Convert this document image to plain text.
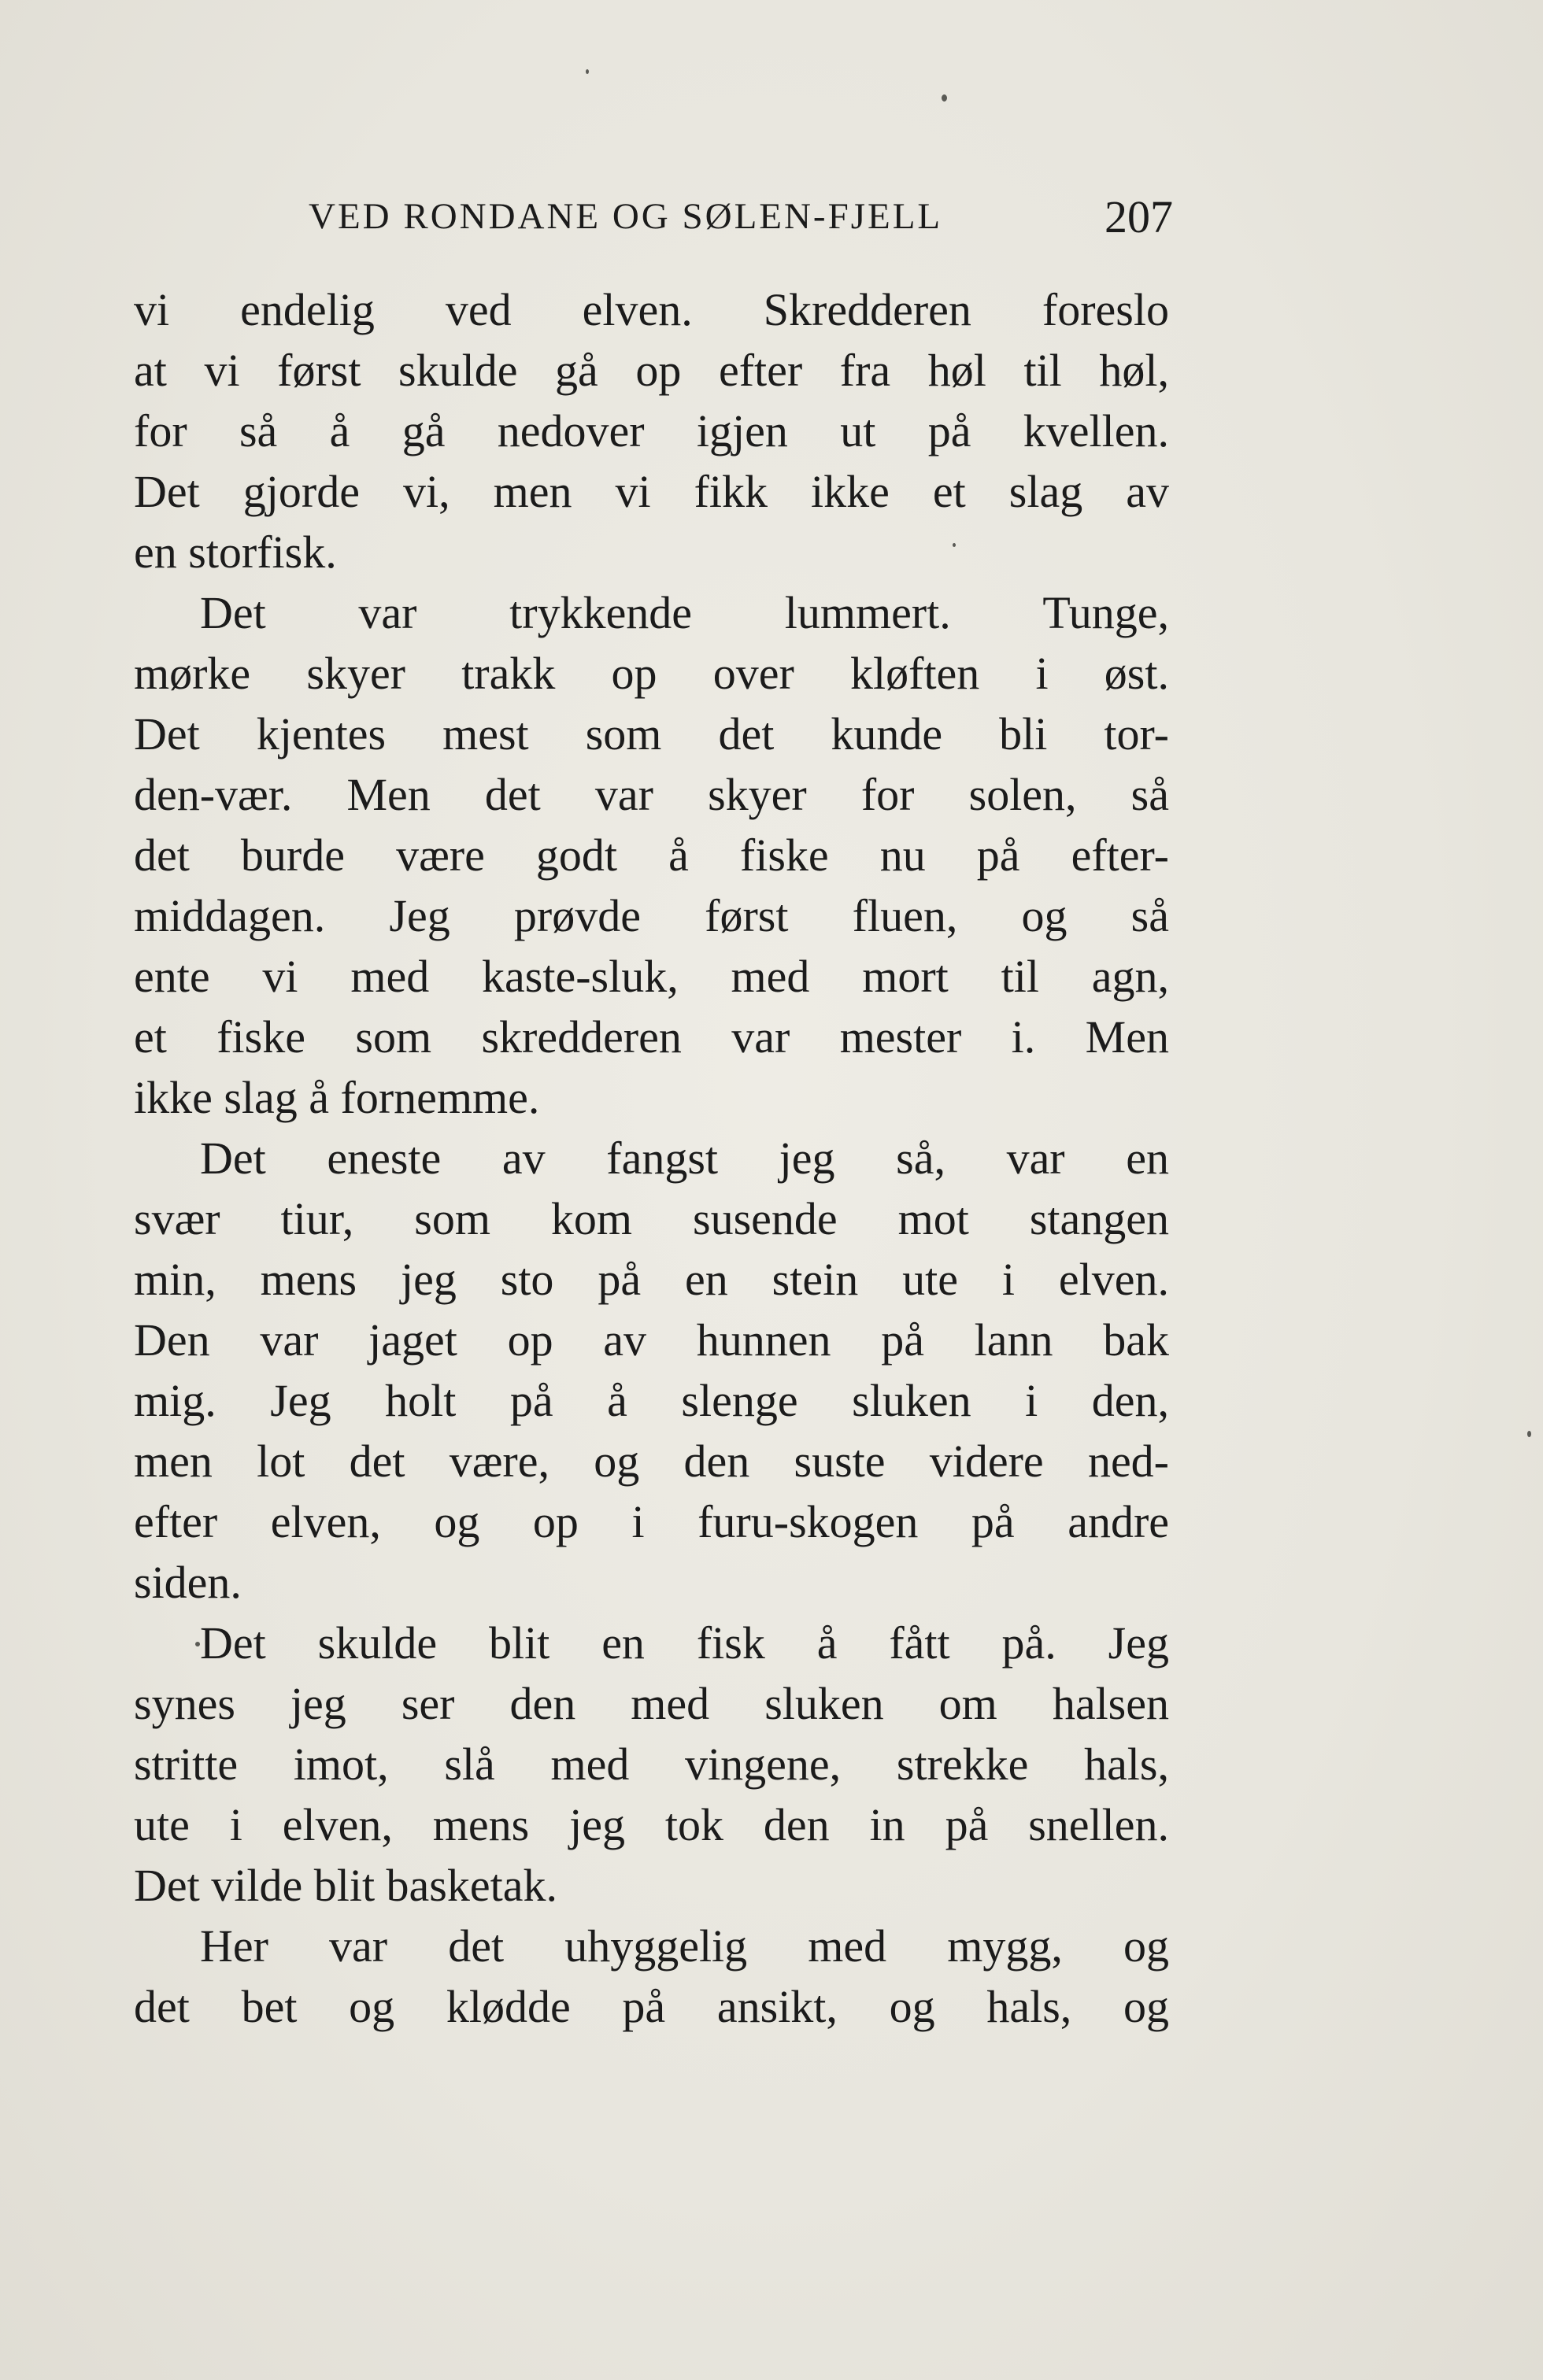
VED RONDANE OG SØLEN-FJELL	207
vi endelig ved elven. Skredderen foreslo
at vi først skulde gå op efter fra høl til høl,
for så å gå nedover igjen ut på kvellen.
Det gjorde vi, men vi fikk ikke et slag av
en storfisk.
Det var trykkende lummert. Tunge,
mørke skyer trakk op over kløften i øst.
Det kjentes mest som det kunde bli tor-
den-vær. Men det var skyer for solen, så
det burde være godt å fiske nu på efter-
middagen. Jeg prøvde først fluen, og så
ente vi med kaste-sluk, med mort til agn,
et fiske som skredderen var mester i. Men
ikke slag å fornemme.
Det eneste av fangst jeg så, var en
svær tiur, som kom susende mot stangen
min, mens jeg sto på en stein ute i elven.
Den var jaget op av hunnen på lann bak
mig. Jeg holt på å slenge sluken i den,
men lot det være, og den suste videre ned-
efter elven, og op i furu-skogen på andre
siden.
Det skulde blit en fisk å fått på. Jeg
synes jeg ser den med sluken om halsen
stritte imot, slå med vingene, strekke hals,
ute i elven, mens jeg tok den in på snellen.
Det vilde blit basketak.
Her var det uhyggelig med mygg, og
det bet og klødde på ansikt, og hals, og
